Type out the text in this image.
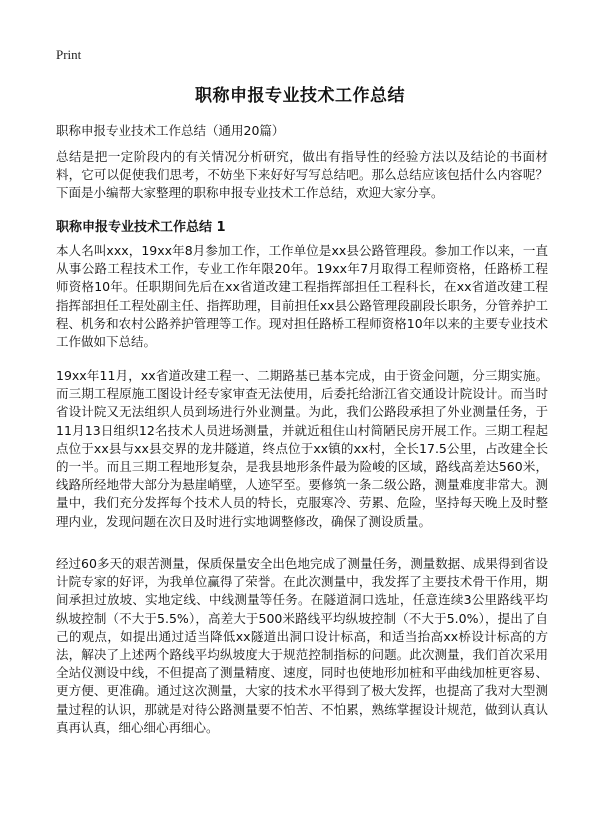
Print
职称申报专业技术工作总结

职称申报专业技术工作总结（通用20篇）

总结是把一定阶段内的有关情况分析研究，做出有指导性的经验方法以及结论的书面材料，它可以促使我们思考，不妨坐下来好好写写总结吧。那么总结应该包括什么内容呢？下面是小编帮大家整理的职称申报专业技术工作总结，欢迎大家分享。

职称申报专业技术工作总结 1

本人名叫xxx，19xx年8月参加工作，工作单位是xx县公路管理段。参加工作以来，一直从事公路工程技术工作，专业工作年限20年。19xx年7月取得工程师资格，任路桥工程师资格10年。任职期间先后在xx省道改建工程指挥部担任工程科长，在xx省道改建工程指挥部担任工程处副主任、指挥助理，目前担任xx县公路管理段副段长职务，分管养护工程、机务和农村公路养护管理等工作。现对担任路桥工程师资格10年以来的主要专业技术工作做如下总结。

19xx年11月，xx省道改建工程一、二期路基已基本完成，由于资金问题，分三期实施。而三期工程原施工图设计经专家审查无法使用，后委托给浙江省交通设计院设计。而当时省设计院又无法组织人员到场进行外业测量。为此，我们公路段承担了外业测量任务，于11月13日组织12名技术人员进场测量，并就近租住山村简陋民房开展工作。三期工程起点位于xx县与xx县交界的龙井隧道，终点位于xx镇的xx村，全长17.5公里，占改建全长的一半。而且三期工程地形复杂，是我县地形条件最为险峻的区域，路线高差达560米，线路所经地带大部分为悬崖峭壁，人迹罕至。要修筑一条二级公路，测量难度非常大。测量中，我们充分发挥每个技术人员的特长，克服寒冷、劳累、危险，坚持每天晚上及时整理内业，发现问题在次日及时进行实地调整修改，确保了测设质量。

经过60多天的艰苦测量，保质保量安全出色地完成了测量任务，测量数据、成果得到省设计院专家的好评，为我单位赢得了荣誉。在此次测量中，我发挥了主要技术骨干作用，期间承担过放坡、实地定线、中线测量等任务。在隧道洞口选址，任意连续3公里路线平均纵坡控制（不大于5.5%），高差大于500米路线平均纵坡控制（不大于5.0%），提出了自己的观点，如提出通过适当降低xx隧道出洞口设计标高，和适当抬高xx桥设计标高的方法，解决了上述两个路线平均纵坡度大于规范控制指标的问题。此次测量，我们首次采用全站仪测设中线，不但提高了测量精度、速度，同时也使地形加桩和平曲线加桩更容易、更方便、更准确。通过这次测量，大家的技术水平得到了极大发挥，也提高了我对大型测量过程的认识，那就是对待公路测量要不怕苦、不怕累，熟练掌握设计规范，做到认真认真再认真，细心细心再细心。
